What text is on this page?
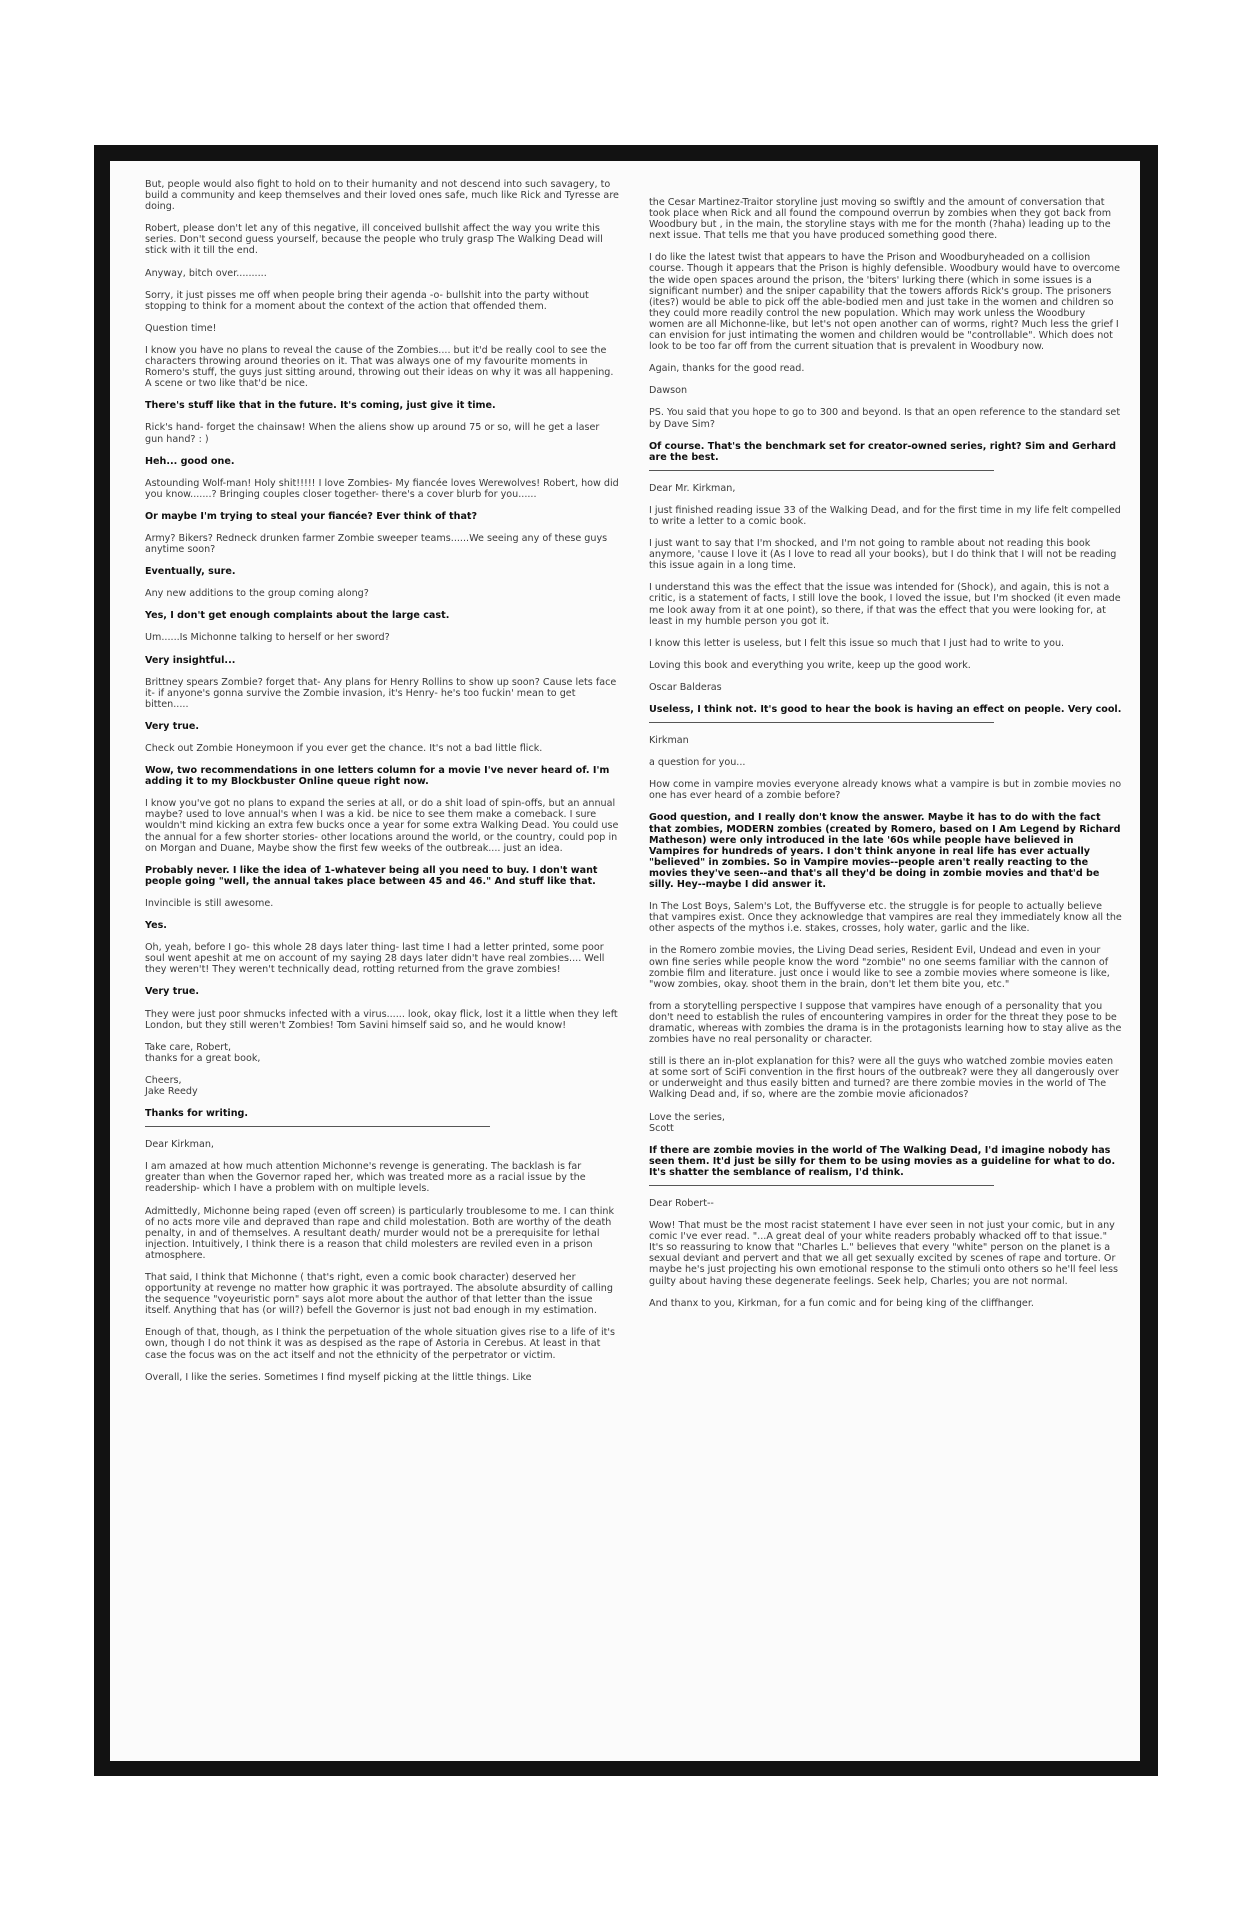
But, people would also fight to hold on to their humanity and not descend into such savagery, to build a community and keep themselves and their loved ones safe, much like Rick and Tyresse are doing.

Robert, please don't let any of this negative, ill conceived bullshit affect the way you write this series. Don't second guess yourself, because the people who truly grasp The Walking Dead will stick with it till the end.

Anyway, bitch over..........

Sorry, it just pisses me off when people bring their agenda -o- bullshit into the party without stopping to think for a moment about the context of the action that offended them.

Question time!

I know you have no plans to reveal the cause of the Zombies.... but it'd be really cool to see the characters throwing around theories on it. That was always one of my favourite moments in Romero's stuff, the guys just sitting around, throwing out their ideas on why it was all happening. A scene or two like that'd be nice.

There's stuff like that in the future. It's coming, just give it time.

Rick's hand- forget the chainsaw! When the aliens show up around 75 or so, will he get a laser gun hand? : )

Heh... good one.

Astounding Wolf-man! Holy shit!!!!! I love Zombies- My fiancée loves Werewolves! Robert, how did you know.......? Bringing couples closer together- there's a cover blurb for you......

Or maybe I'm trying to steal your fiancée? Ever think of that?

Army? Bikers? Redneck drunken farmer Zombie sweeper teams......We seeing any of these guys anytime soon?

Eventually, sure.

Any new additions to the group coming along?

Yes, I don't get enough complaints about the large cast.

Um......Is Michonne talking to herself or her sword?

Very insightful...

Brittney spears Zombie? forget that- Any plans for Henry Rollins to show up soon? Cause lets face it- if anyone's gonna survive the Zombie invasion, it's Henry- he's too fuckin' mean to get bitten.....

Very true.

Check out Zombie Honeymoon if you ever get the chance. It's not a bad little flick.

Wow, two recommendations in one letters column for a movie I've never heard of. I'm adding it to my Blockbuster Online queue right now.

I know you've got no plans to expand the series at all, or do a shit load of spin-offs, but an annual maybe? used to love annual's when I was a kid. be nice to see them make a comeback. I sure wouldn't mind kicking an extra few bucks once a year for some extra Walking Dead. You could use the annual for a few shorter stories- other locations around the world, or the country, could pop in on Morgan and Duane, Maybe show the first few weeks of the outbreak.... just an idea.

Probably never. I like the idea of 1-whatever being all you need to buy. I don't want people going "well, the annual takes place between 45 and 46." And stuff like that.

Invincible is still awesome.

Yes.

Oh, yeah, before I go- this whole 28 days later thing- last time I had a letter printed, some poor soul went apeshit at me on account of my saying 28 days later didn't have real zombies.... Well they weren't! They weren't technically dead, rotting returned from the grave zombies!

Very true.

They were just poor shmucks infected with a virus...... look, okay flick, lost it a little when they left London, but they still weren't Zombies! Tom Savini himself said so, and he would know!

Take care, Robert,
thanks for a great book,

Cheers,
Jake Reedy

Thanks for writing.

Dear Kirkman,

I am amazed at how much attention Michonne's revenge is generating. The backlash is far greater than when the Governor raped her, which was treated more as a racial issue by the readership- which I have a problem with on multiple levels.

Admittedly, Michonne being raped (even off screen) is particularly troublesome to me. I can think of no acts more vile and depraved than rape and child molestation. Both are worthy of the death penalty, in and of themselves. A resultant death/ murder would not be a prerequisite for lethal injection. Intuitively, I think there is a reason that child molesters are reviled even in a prison atmosphere.

That said, I think that Michonne ( that's right, even a comic book character) deserved her opportunity at revenge no matter how graphic it was portrayed. The absolute absurdity of calling the sequence "voyeuristic porn" says alot more about the author of that letter than the issue itself. Anything that has (or will?) befell the Governor is just not bad enough in my estimation.

Enough of that, though, as I think the perpetuation of the whole situation gives rise to a life of it's own, though I do not think it was as despised as the rape of Astoria in Cerebus. At least in that case the focus was on the act itself and not the ethnicity of the perpetrator or victim.

Overall, I like the series. Sometimes I find myself picking at the little things. Like

the Cesar Martinez-Traitor storyline just moving so swiftly and the amount of conversation that took place when Rick and all found the compound overrun by zombies when they got back from Woodbury but , in the main, the storyline stays with me for the month (?haha) leading up to the next issue. That tells me that you have produced something good there.

I do like the latest twist that appears to have the Prison and Woodburyheaded on a collision course. Though it appears that the Prison is highly defensible. Woodbury would have to overcome the wide open spaces around the prison, the 'biters' lurking there (which in some issues is a significant number) and the sniper capability that the towers affords Rick's group. The prisoners (ites?) would be able to pick off the able-bodied men and just take in the women and children so they could more readily control the new population. Which may work unless the Woodbury women are all Michonne-like, but let's not open another can of worms, right? Much less the grief I can envision for just intimating the women and children would be "controllable". Which does not look to be too far off from the current situation that is prevalent in Woodbury now.

Again, thanks for the good read.

Dawson

PS. You said that you hope to go to 300 and beyond. Is that an open reference to the standard set by Dave Sim?

Of course. That's the benchmark set for creator-owned series, right? Sim and Gerhard are the best.

Dear Mr. Kirkman,

I just finished reading issue 33 of the Walking Dead, and for the first time in my life felt compelled to write a letter to a comic book.

I just want to say that I'm shocked, and I'm not going to ramble about not reading this book anymore, 'cause I love it (As I love to read all your books), but I do think that I will not be reading this issue again in a long time.

I understand this was the effect that the issue was intended for (Shock), and again, this is not a critic, is a statement of facts, I still love the book, I loved the issue, but I'm shocked (it even made me look away from it at one point), so there, if that was the effect that you were looking for, at least in my humble person you got it.

I know this letter is useless, but I felt this issue so much that I just had to write to you.

Loving this book and everything you write, keep up the good work.

Oscar Balderas

Useless, I think not. It's good to hear the book is having an effect on people. Very cool.

Kirkman

a question for you...

How come in vampire movies everyone already knows what a vampire is but in zombie movies no one has ever heard of a zombie before?

Good question, and I really don't know the answer. Maybe it has to do with the fact that zombies, MODERN zombies (created by Romero, based on I Am Legend by Richard Matheson) were only introduced in the late '60s while people have believed in Vampires for hundreds of years. I don't think anyone in real life has ever actually "believed" in zombies. So in Vampire movies--people aren't really reacting to the movies they've seen--and that's all they'd be doing in zombie movies and that'd be silly. Hey--maybe I did answer it.

In The Lost Boys, Salem's Lot, the Buffyverse etc. the struggle is for people to actually believe that vampires exist. Once they acknowledge that vampires are real they immediately know all the other aspects of the mythos i.e. stakes, crosses, holy water, garlic and the like.

in the Romero zombie movies, the Living Dead series, Resident Evil, Undead and even in your own fine series while people know the word "zombie" no one seems familiar with the cannon of zombie film and literature. just once i would like to see a zombie movies where someone is like, "wow zombies, okay. shoot them in the brain, don't let them bite you, etc."

from a storytelling perspective I suppose that vampires have enough of a personality that you don't need to establish the rules of encountering vampires in order for the threat they pose to be dramatic, whereas with zombies the drama is in the protagonists learning how to stay alive as the zombies have no real personality or character.

still is there an in-plot explanation for this? were all the guys who watched zombie movies eaten at some sort of SciFi convention in the first hours of the outbreak? were they all dangerously over or underweight and thus easily bitten and turned? are there zombie movies in the world of The Walking Dead and, if so, where are the zombie movie aficionados?

Love the series,
Scott

If there are zombie movies in the world of The Walking Dead, I'd imagine nobody has seen them. It'd just be silly for them to be using movies as a guideline for what to do. It's shatter the semblance of realism, I'd think.

Dear Robert--

Wow! That must be the most racist statement I have ever seen in not just your comic, but in any comic I've ever read. "...A great deal of your white readers probably whacked off to that issue." It's so reassuring to know that "Charles L." believes that every "white" person on the planet is a sexual deviant and pervert and that we all get sexually excited by scenes of rape and torture. Or maybe he's just projecting his own emotional response to the stimuli onto others so he'll feel less guilty about having these degenerate feelings. Seek help, Charles; you are not normal.

And thanx to you, Kirkman, for a fun comic and for being king of the cliffhanger.
